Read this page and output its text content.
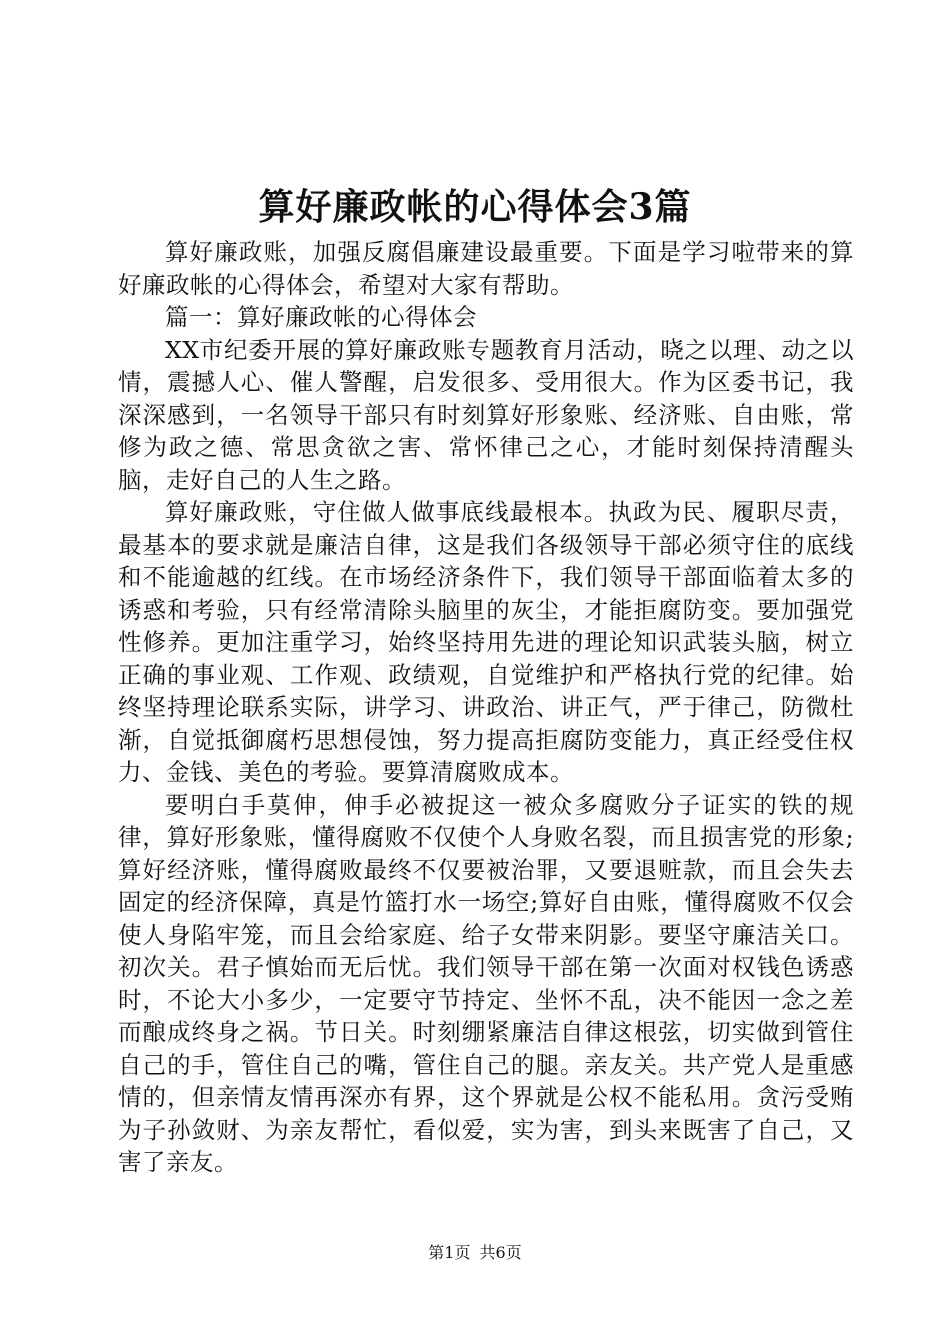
算好廉政帐的心得体会3篇

算好廉政账，加强反腐倡廉建设最重要。下面是学习啦带来的算好廉政帐的心得体会，希望对大家有帮助。

篇一：算好廉政帐的心得体会

XX市纪委开展的算好廉政账专题教育月活动，晓之以理、动之以情，震撼人心、催人警醒，启发很多、受用很大。作为区委书记，我深深感到，一名领导干部只有时刻算好形象账、经济账、自由账，常修为政之德、常思贪欲之害、常怀律己之心，才能时刻保持清醒头脑，走好自己的人生之路。

算好廉政账，守住做人做事底线最根本。执政为民、履职尽责，最基本的要求就是廉洁自律，这是我们各级领导干部必须守住的底线和不能逾越的红线。在市场经济条件下，我们领导干部面临着太多的诱惑和考验，只有经常清除头脑里的灰尘，才能拒腐防变。要加强党性修养。更加注重学习，始终坚持用先进的理论知识武装头脑，树立正确的事业观、工作观、政绩观，自觉维护和严格执行党的纪律。始终坚持理论联系实际，讲学习、讲政治、讲正气，严于律己，防微杜渐，自觉抵御腐朽思想侵蚀，努力提高拒腐防变能力，真正经受住权力、金钱、美色的考验。要算清腐败成本。

要明白手莫伸，伸手必被捉这一被众多腐败分子证实的铁的规律，算好形象账，懂得腐败不仅使个人身败名裂，而且损害党的形象;算好经济账，懂得腐败最终不仅要被治罪，又要退赃款，而且会失去固定的经济保障，真是竹篮打水一场空;算好自由账，懂得腐败不仅会使人身陷牢笼，而且会给家庭、给子女带来阴影。要坚守廉洁关口。初次关。君子慎始而无后忧。我们领导干部在第一次面对权钱色诱惑时，不论大小多少，一定要守节持定、坐怀不乱，决不能因一念之差而酿成终身之祸。节日关。时刻绷紧廉洁自律这根弦，切实做到管住自己的手，管住自己的嘴，管住自己的腿。亲友关。共产党人是重感情的，但亲情友情再深亦有界，这个界就是公权不能私用。贪污受贿为子孙敛财、为亲友帮忙，看似爱，实为害，到头来既害了自己，又害了亲友。

第1页 共6页
